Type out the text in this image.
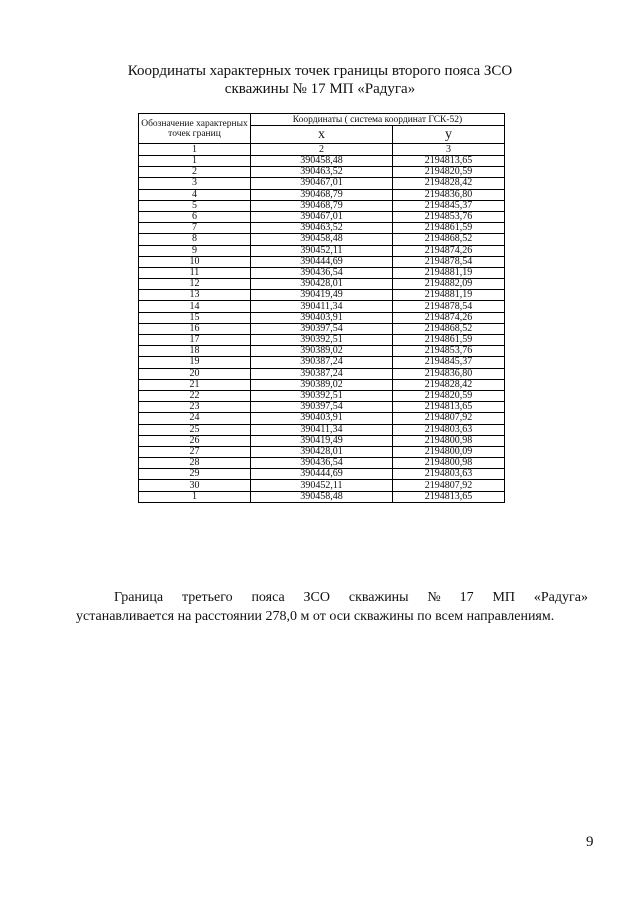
Координаты характерных точек границы второго пояса ЗСО
скважины № 17 МП «Радуга»
Обозначение характерных точек границ	Координаты ( система координат ГСК-52)	
	x	y
1	2	3
1	390458,48	2194813,65
2	390463,52	2194820,59
3	390467,01	2194828,42
4	390468,79	2194836,80
5	390468,79	2194845,37
6	390467,01	2194853,76
7	390463,52	2194861,59
8	390458,48	2194868,52
9	390452,11	2194874,26
10	390444,69	2194878,54
11	390436,54	2194881,19
12	390428,01	2194882,09
13	390419,49	2194881,19
14	390411,34	2194878,54
15	390403,91	2194874,26
16	390397,54	2194868,52
17	390392,51	2194861,59
18	390389,02	2194853,76
19	390387,24	2194845,37
20	390387,24	2194836,80
21	390389,02	2194828,42
22	390392,51	2194820,59
23	390397,54	2194813,65
24	390403,91	2194807,92
25	390411,34	2194803,63
26	390419,49	2194800,98
27	390428,01	2194800,09
28	390436,54	2194800,98
29	390444,69	2194803,63
30	390452,11	2194807,92
1	390458,48	2194813,65
Граница третьего пояса ЗСО скважины № 17 МП «Радуга»
устанавливается на расстоянии 278,0 м от оси скважины по всем направлениям.
9
